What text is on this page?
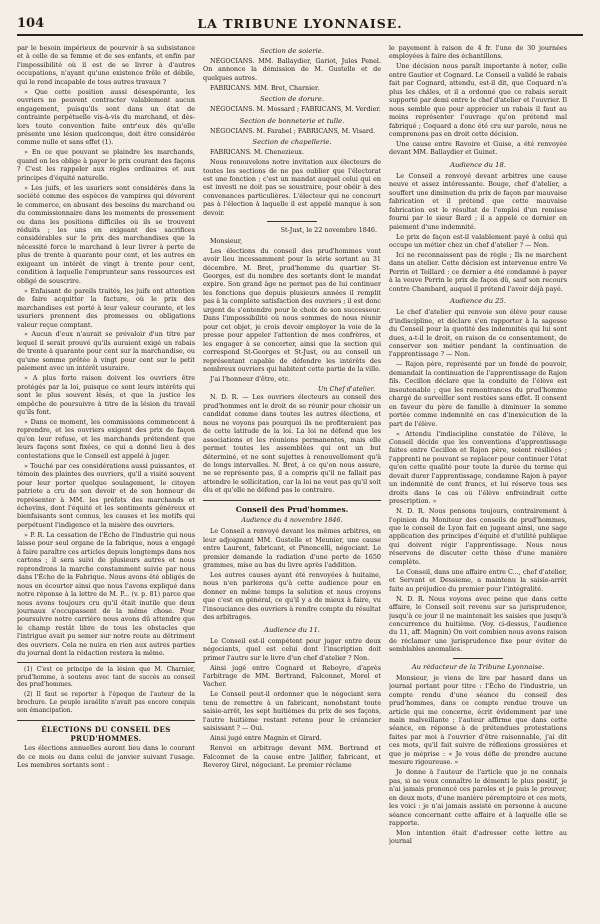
104	LA TRIBUNE LYONNAISE.

par le besoin impérieux de pourvoir à sa subsistance et à celle de sa femme et de ses enfants, et enfin par l'impossibilité où il est de se livrer à d'autres occupations, n'ayant qu'une existence frêle et débile, qui le rend incapable de tous autres travaux ?

» Que cette position aussi désespérante, les ouvriers ne peuvent contracter valablement aucun engagement, puisqu'ils sont dans un état de contrainte perpétuelle vis-à-vis du marchand, et dès-lors toute convention faite entr'eux dès qu'elle présente une lésion quelconque, doit être considérée comme nulle et sans effet (1).

» En ce que pouvant se plaindre les marchands, quand on les oblige à payer le prix courant des façons ? C'est les rappeler aux règles ordinaires et aux principes d'équité naturelle.

» Les juifs, et les usuriers sont considérés dans la société comme des espèces de vampires qui dévorent le commerce, en abusant des besoins du marchand ou du commissionnaire dans les moments de pressement ou dans les positions difficiles où ils se trouvent réduits ; les uns en exigeant des sacrifices considérables sur le prix des marchandises que la nécessité force le marchand à leur livrer à perte de plus de trente à quarante pour cent, et les autres en exigeant un intérêt de vingt à trente pour cent, condition à laquelle l'emprunteur sans ressources est obligé de souscrire.

» Enfaisant de pareils traités, les juifs ont attention de faire acquitter la facture, où le prix des marchandises est porté à leur valeur courante, et les usuriers prennent des promesses ou obligations valeur reçue comptant.

» Aucun d'eux n'aurait se prévaloir d'un titre par lequel il serait prouvé qu'ils auraient exigé un rabais de trente à quarante pour cent sur la marchandise, ou qu'une somme prêtée à vingt pour cent sur le petit paiement avec un intérêt usuraire.

» A plus forte raison doivent les ouvriers être protégés par la loi, puisque ce sont leurs intérêts qui sont le plus souvent lésés, et que la justice les empêche de poursuivre à titre de la lésion du travail qu'ils font.

» Dans ce moment, les commissions commencent à reprendre, et les ouvriers exigent des prix de façon qu'on leur refuse, et les marchands prétendent que leurs façons sont fixées, ce qui a donné lieu à des contestations que le Conseil est appelé à juger.

» Touché par ces considérations aussi puissantes, et témoin des plaintes des ouvriers, qu'il a visité souvent pour leur porter quelque soulagement, le citoyen patriote a cru de son devoir et de son honneur de représenter à MM. les préfets des marchands et échevins, dont l'équité et les sentiments généreux et bienfaisants sont connus, les causes et les motifs qui perpétuent l'indigence et la misère des ouvriers.

» P. R. La cessation de l'Écho de l'industrie qui nous laisse pour seul organe de la fabrique, nous a engagé à faire paraître ces articles depuis longtemps dans nos cartons ; il sera suivi de plusieurs autres et nous reprendrons la marche constamment suivie par nous dans l'Écho de la Fabrique. Nous avons été obligés de nous en écourter ainsi que nous l'avons expliqué dans notre réponse à la lettre de M. P... (v. p. 81) parce que nous avons toujours cru qu'il était inutile que deux journaux s'occupassent de la même chose. Pour poursuivre notre carrière nous avons dû attendre que le champ restât libre de tous les obstacles que l'intrigue avait pu semer sur notre route au détriment des ouvriers. Cela ne nuira en rien aux autres parties du journal dont la rédaction restera la même.

(1) C'est ce principe de la lésion que M. Charnier, prud'homme, à soutenu avec tant de succès au conseil des prud'hommes.

(2) Il faut se reporter à l'époque de l'auteur de la brochure. Le peuple israélite n'avait pas encore conquis son émancipation.

ÉLECTIONS DU CONSEIL DES PRUD'HOMMES.

Les élections annuelles auront lieu dans le courant de ce mois ou dans celui de janvier suivant l'usage. Les membres sortants sont :

Section de soierie.

NÉGOCIANS. MM. Ballaydier, Gariot, Jules Penel. On annonce la démission de M. Gustelle et de quelques autres.

FABRICANS. MM. Bret, Charnier.

Section de dorure.

NÉGOCIANS. M. Mossard ; FABRICANS, M. Verdier.

Section de bonneterie et tulle.

NÉGOCIANS. M. Farabel ; FABRICANS, M. Visard.

Section de chapellerie.

FABRICANS. M. Chenezieux.

Nous renouvelons notre invitation aux électeurs de toutes les sections de ne pas oublier que l'électorat est une fonction ; c'est un mandat auquel celui qui en est investi ne doit pas se soustraire, pour obéir à des convenances particulières. L'électeur qui ne concourt pas à l'élection à laquelle il est appelé manque à son devoir.

St-Just, le 22 novembre 1846.

Monsieur,

Les élections du conseil des prud'hommes vont avoir lieu incessamment pour la série sortant au 31 décembre. M. Bret, prud'homme du quartier St-Georges, est du nombre des sortants dont le mandat expire. Son grand âge ne permet pas de lui continuer les fonctions que depuis plusieurs années il remplit pas à la complète satisfaction des ouvriers ; il est donc urgent de s'entendre pour le choix de son successeur. Dans l'impossibilité où nous sommes de nous réunir pour cet objet, je crois devoir employer la voie de la presse pour appeler l'attention de mes confrères, et les engager à se concerter, ainsi que la section qui correspond St-Georges et St-Just, ou au conseil un représentant capable de défendre les intérêts des nombreux ouvriers qui habitent cette partie de la ville.

J'ai l'honneur d'être, etc.

Un Chef d'atelier.

N. D. R. — Les ouvriers électeurs au conseil des prud'hommes ont le droit de se réunir pour choisir un candidat comme dans toutes les autres élections, et nous ne voyons pas pourquoi ils ne profiteraient pas de cette latitude de la loi. La loi ne défend que les associations et les réunions permanentes, mais elle permet toutes les assemblées qui ont un but déterminé, et ne sont sujettes à renouvellement qu'à de longs intervalles. N. Bret, à ce qu'on nous assure, ne se représente pas, il a compris qu'il ne fallait pas attendre le sollicitation, car la loi ne veut pas qu'il soit élu et qu'elle ne défend pas le contraire.

Conseil des Prud'hommes.
Audience du 4 novembre 1846.

Le Conseil a renvoyé devant les mêmes arbitres, en leur adjoignant MM. Gustelle et Meunier, une cause entre Laurent, fabricant, et Pinoncelli, négociant. Le premier demande la radiation d'une perte de 1650 grammes, mise au bas du livre après l'addition.

Les autres causes ayant été renvoyées à huitaine, nous n'en parlerons qu'à cette audience pour en donner en même temps la solution et nous croyons que c'est en général, ce qu'il y a de mieux à faire, vu l'insouciance des ouvriers à rendre compte du résultat des arbitrages.

Audience du 11.

Le Conseil est-il compétent pour juger entre deux négociants, quel est celui dont l'inscription doit primer l'autre sur le livre d'un chef d'atelier ? Non.

Ainsi jugé entre Cognard et Reboyre, d'après l'arbitrage de MM. Bertrand, Falconnet, Morel et Vacher.

Le Conseil peut-il ordonner que le négociant sera tenu de remettre à un fabricant, nonobstant toute saisie-arrêt, les sept huitièmes du prix de ses façons, l'autre huitième restant retenu pour le créancier saisissant ? — Oui.

Ainsi jugé entre Magnin et Girard.

Renvoi en arbitrage devant MM. Bertrand et Falconnet de la cause entre Jalifier, fabricant, et Reveroy Girel, négociant. Le premier réclame

le payement à raison de 4 fr. l'une de 30 journées employées à faire des échantillons.

Une décision nous paraît importante à noter, celle entre Gautier et Cognard. Le Conseil a validé le rabais fait par Cognard, attendu, est-il dit, que Coquard n'a plus les châles, et il a ordonné que ce rabais serait supporté par demi entre le chef d'atelier et l'ouvrier. Il nous semble que pour apprécier un rabais il faut au moins représenter l'ouvrage qu'on prétend mal fabriqué ; Coquard a donc été cru sur parole, nous ne comprenons pas en droit cette décision.

Une cause entre Ravoire et Guise, a été renvoyée devant MM. Ballaydier et Guinet.

Audience du 18.

Le Conseil a renvoyé devant arbitres une cause neuve et assez intéressante. Bouge, chef d'atelier, a souffert une diminution du prix de façon par mauvaise fabrication et il prétend que cette mauvaise fabrication est le résultat de l'emploi d'un remisse fourni par le sieur Bard ; il a appelé ce dernier en paiement d'une indemnité.

Le prix de façon est-il valablement payé à celui qui occupe un métier chez un chef d'atelier ? — Non.

Ici ne reconnaissent pas de règle ; Ils ne marchent dans un atelier. Cette décision est intervenue entre Ve Perrin et Teillard : ce dernier a été condamné à payer à la veuve Perrin le prix de façon dû, sauf son recours contre Chambard, auquel il prétend l'avoir déjà payé.

Audience du 25.

Le chef d'atelier qui renvoie son élève pour cause d'indiscipline, et déclare s'en rapporter à la sagesse du Conseil pour la quotité des indemnités qui lui sont dues, a-t-il le droit, en raison de ce consentement, de conserver son métier pendant la continuation de l'apprentissage ? — Non.

— Rajon père, représenté par un fondé de pouvoir, demandait la continuation de l'apprentissage de Rajon fils. Cecillon déclare que la conduite de l'élève est insoutenable ; que les remontrances du prud'homme chargé de surveiller sont restées sans effet. Il consent en faveur du père de famille à diminuer la somme portée comme indemnité en cas d'inexécution de la part de l'élève.

« Attendu l'indiscipline constatée de l'élève, le Conseil décide que les conventions d'apprentissage faites entre Cecillon et Rajon père, soient résiliées ; l'apprenti ne pouvant se replacer pour continuer l'état qu'en cette qualité pour toute la durée du terme qui devait durer l'apprentissage, condamne Rajon à payer un indemnité de cent francs, et lui réserve tous ses droits dans le cas où l'élève enfreindrait cette prescription. »

N. D. R. Nous pensons toujours, contrairement à l'opinion du Moniteur des conseils de prud'hommes, que le conseil de Lyon fait en jugeant ainsi, une sage application des principes d'équité et d'utilité publique qui doivent régir l'apprentissage. Nous nous réservons de discuter cette thèse d'une manière complète.

Le Conseil, dans une affaire entre C..., chef d'atelier, et Servant et Dessieme, a maintenu la saisie-arrêt faite au préjudice du premier pour l'intégralité.

N. D. R. Nous voyons avec peine que dans cette affaire, le Conseil soit revenu sur sa jurisprudence, jusqu'à ce jour il ne maintenait les saisies que jusqu'à concurrence du huitième. (Voy. ci-dessus, l'audience du 11, aff. Magnin) On voit combien nous avons raison de réclamer une jurisprudence fixe pour éviter de semblables anomalies.

Au rédacteur de la Tribune Lyonnaise.

Monsieur, je viens de lire par hasard dans un journal portant pour titre : l'Écho de l'industrie, un compte rendu d'une séance du conseil des prud'hommes, dans ce compte rendue trouve un article qui me concerne, écrit évidemment par une main malveillante ; l'auteur affirme que dans cette séance, en réponse à de prétendues protestations faites par moi à l'ouvrier d'être raisonnable, j'ai dit ces mots, qu'il fait suivre de réflexions grossières et que je méprise : « Je vous défie de prendre aucune mesure rigoureuse. »

Je donne à l'auteur de l'article que je ne connais pas, si ne veux connaître le démenti le plus positif, je n'ai jamais prononcé ces paroles et je puis le prouver, en deux mots, d'une manière péremptoire et ces mots, les voici : je n'ai jamais assisté en personne à aucune séance concernant cette affaire et à laquelle elle se rapporte.

Mon intention était d'adresser cette lettre au journal
